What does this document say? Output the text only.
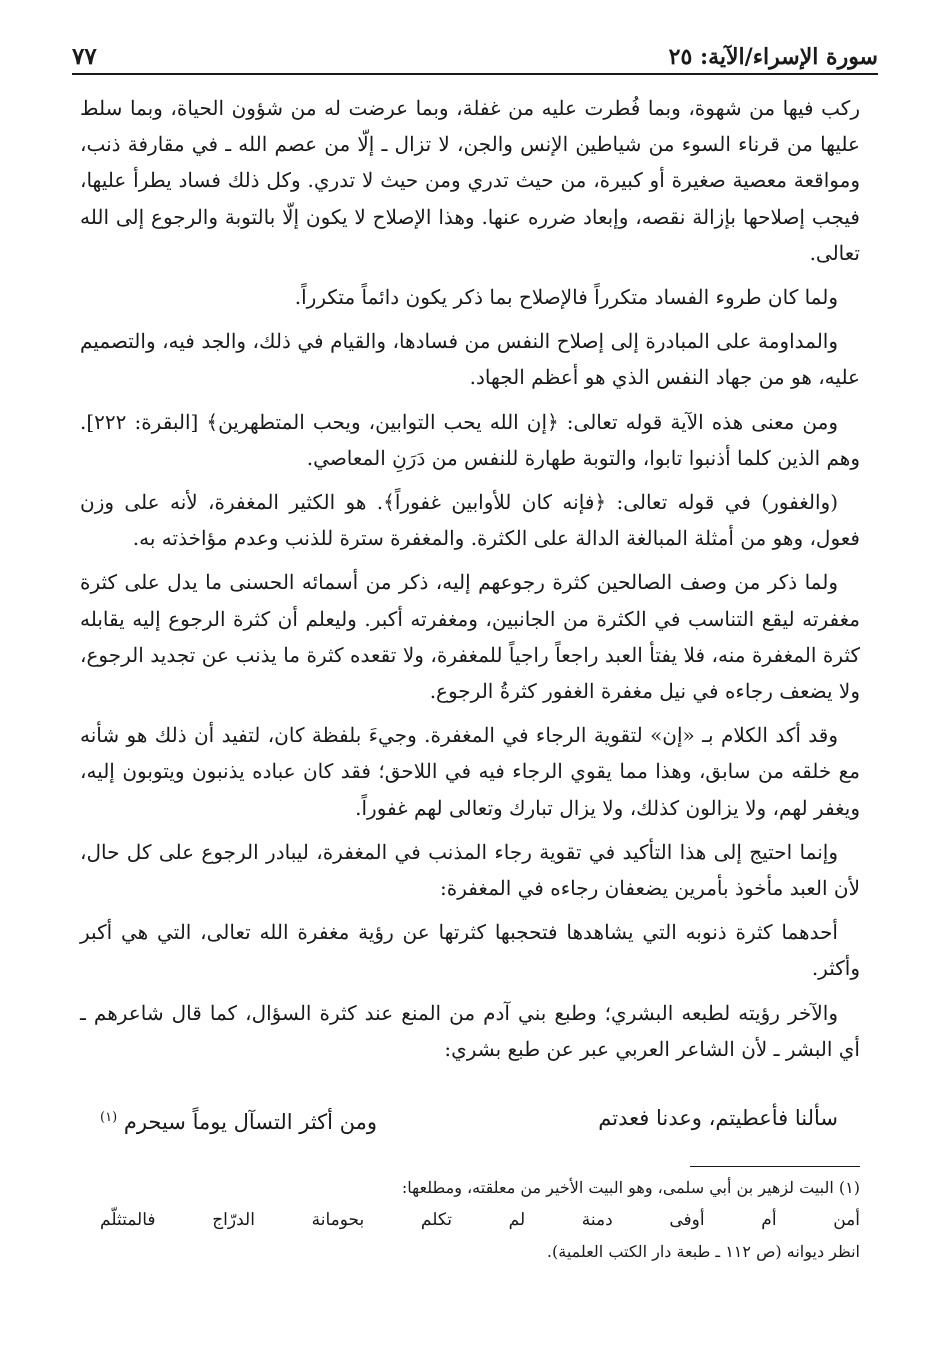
٧٧	سورة الإسراء/الآية: ٢٥

ركب فيها من شهوة، وبما فُطرت عليه من غفلة، وبما عرضت له من شؤون الحياة، وبما سلط عليها من قرناء السوء من شياطين الإنس والجن، لا تزال ـ إلّا من عصم الله ـ في مقارفة ذنب، ومواقعة معصية صغيرة أو كبيرة، من حيث تدري ومن حيث لا تدري. وكل ذلك فساد يطرأ عليها، فيجب إصلاحها بإزالة نقصه، وإبعاد ضرره عنها. وهذا الإصلاح لا يكون إلّا بالتوبة والرجوع إلى الله تعالى.

ولما كان طروء الفساد متكرراً فالإصلاح بما ذكر يكون دائماً متكرراً.

والمداومة على المبادرة إلى إصلاح النفس من فسادها، والقيام في ذلك، والجد فيه، والتصميم عليه، هو من جهاد النفس الذي هو أعظم الجهاد.

ومن معنى هذه الآية قوله تعالى: ﴿إن الله يحب التوابين، ويحب المتطهرين﴾ [البقرة: ٢٢٢]. وهم الذين كلما أذنبوا تابوا، والتوبة طهارة للنفس من دَرَنِ المعاصي.

(والغفور) في قوله تعالى: ﴿فإنه كان للأوابين غفوراً﴾. هو الكثير المغفرة، لأنه على وزن فعول، وهو من أمثلة المبالغة الدالة على الكثرة. والمغفرة سترة للذنب وعدم مؤاخذته به.

ولما ذكر من وصف الصالحين كثرة رجوعهم إليه، ذكر من أسمائه الحسنى ما يدل على كثرة مغفرته ليقع التناسب في الكثرة من الجانبين، ومغفرته أكبر. وليعلم أن كثرة الرجوع إليه يقابله كثرة المغفرة منه، فلا يفتأ العبد راجعاً راجياً للمغفرة، ولا تقعده كثرة ما يذنب عن تجديد الرجوع، ولا يضعف رجاءه في نيل مغفرة الغفور كثرةُ الرجوع.

وقد أكد الكلام بـ «إن» لتقوية الرجاء في المغفرة. وجيءَ بلفظة كان، لتفيد أن ذلك هو شأنه مع خلقه من سابق، وهذا مما يقوي الرجاء فيه في اللاحق؛ فقد كان عباده يذنبون ويتوبون إليه، ويغفر لهم، ولا يزالون كذلك، ولا يزال تبارك وتعالى لهم غفوراً.

وإنما احتيج إلى هذا التأكيد في تقوية رجاء المذنب في المغفرة، ليبادر الرجوع على كل حال، لأن العبد مأخوذ بأمرين يضعفان رجاءه في المغفرة:

أحدهما كثرة ذنوبه التي يشاهدها فتحجبها كثرتها عن رؤية مغفرة الله تعالى، التي هي أكبر وأكثر.

والآخر رؤيته لطبعه البشري؛ وطبع بني آدم من المنع عند كثرة السؤال، كما قال شاعرهم ـ أي البشر ـ لأن الشاعر العربي عبر عن طبع بشري:

سألنا فأعطيتم، وعدنا فعدتم
ومن أكثر التسآل يوماً سيحرم $^{(١)}$
(١) البيت لزهير بن أبي سلمى، وهو البيت الأخير من معلقته، ومطلعها:
أمن
أم
أوفى
دمنة
لم
تكلم
بحومانة
الدرّاج
فالمتثلّم
انظر ديوانه (ص ١١٢ ـ طبعة دار الكتب العلمية).
